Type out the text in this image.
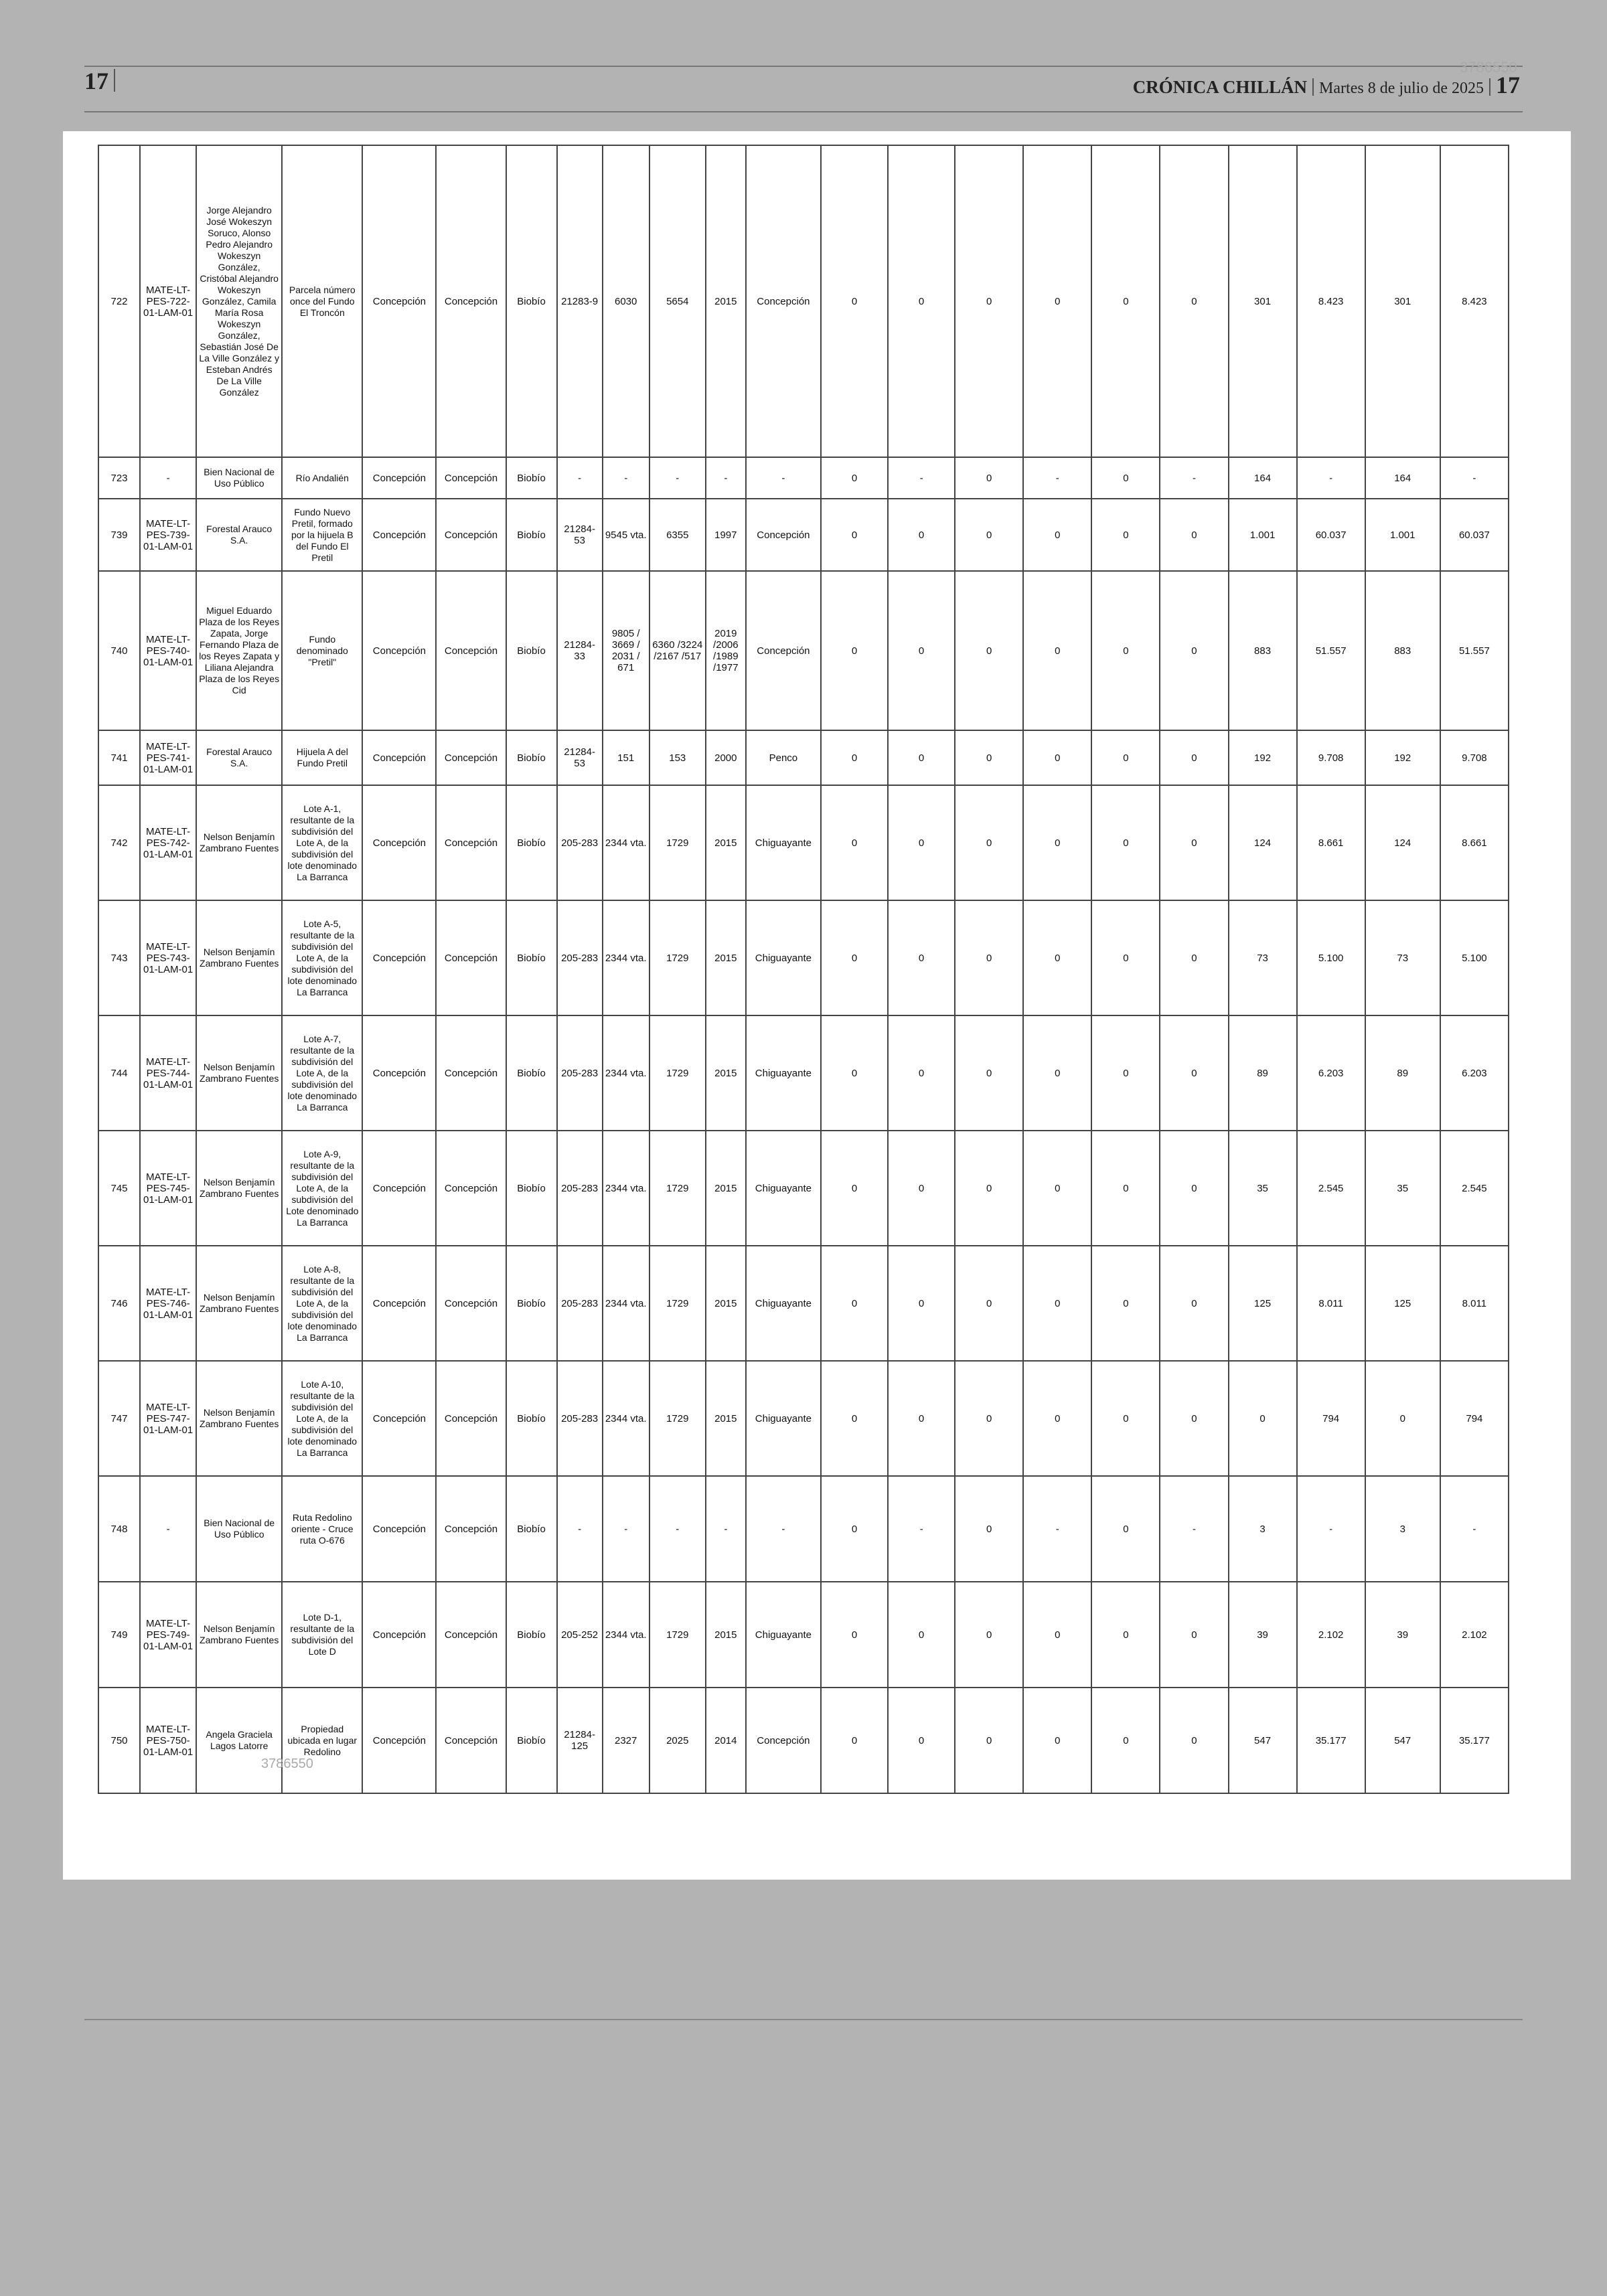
17	CRÓNICA CHILLÁN Martes 8 de julio de 2025 17
3786550
722	MATE-LT-PES-722-01-LAM-01	Jorge Alejandro José Wokeszyn Soruco, Alonso Pedro Alejandro Wokeszyn González, Cristóbal Alejandro Wokeszyn González, Camila María Rosa Wokeszyn González, Sebastián José De La Ville González y Esteban Andrés De La Ville González	Parcela número once del Fundo El Troncón	Concepción	Concepción	Biobío	21283-9	6030	5654	2015	Concepción	0	0	0	0	0	0	301	8.423	301	8.423
723	-	Bien Nacional de Uso Público	Río Andalién	Concepción	Concepción	Biobío	-	-	-	-	-	0	-	0	-	0	-	164	-	164	-
739	MATE-LT-PES-739-01-LAM-01	Forestal Arauco S.A.	Fundo Nuevo Pretil, formado por la hijuela B del Fundo El Pretil	Concepción	Concepción	Biobío	21284-53	9545 vta.	6355	1997	Concepción	0	0	0	0	0	0	1.001	60.037	1.001	60.037
740	MATE-LT-PES-740-01-LAM-01	Miguel Eduardo Plaza de los Reyes Zapata, Jorge Fernando Plaza de los Reyes Zapata y Liliana Alejandra Plaza de los Reyes Cid	Fundo denominado "Pretil"	Concepción	Concepción	Biobío	21284-33	9805 / 3669 / 2031 / 671	6360 /3224 /2167 /517	2019 /2006 /1989 /1977	Concepción	0	0	0	0	0	0	883	51.557	883	51.557
741	MATE-LT-PES-741-01-LAM-01	Forestal Arauco S.A.	Hijuela A del Fundo Pretil	Concepción	Concepción	Biobío	21284-53	151	153	2000	Penco	0	0	0	0	0	0	192	9.708	192	9.708
742	MATE-LT-PES-742-01-LAM-01	Nelson Benjamín Zambrano Fuentes	Lote A-1, resultante de la subdivisión del Lote A, de la subdivisión del lote denominado La Barranca	Concepción	Concepción	Biobío	205-283	2344 vta.	1729	2015	Chiguayante	0	0	0	0	0	0	124	8.661	124	8.661
743	MATE-LT-PES-743-01-LAM-01	Nelson Benjamín Zambrano Fuentes	Lote A-5, resultante de la subdivisión del Lote A, de la subdivisión del lote denominado La Barranca	Concepción	Concepción	Biobío	205-283	2344 vta.	1729	2015	Chiguayante	0	0	0	0	0	0	73	5.100	73	5.100
744	MATE-LT-PES-744-01-LAM-01	Nelson Benjamín Zambrano Fuentes	Lote A-7, resultante de la subdivisión del Lote A, de la subdivisión del lote denominado La Barranca	Concepción	Concepción	Biobío	205-283	2344 vta.	1729	2015	Chiguayante	0	0	0	0	0	0	89	6.203	89	6.203
745	MATE-LT-PES-745-01-LAM-01	Nelson Benjamín Zambrano Fuentes	Lote A-9, resultante de la subdivisión del Lote A, de la subdivisión del Lote denominado La Barranca	Concepción	Concepción	Biobío	205-283	2344 vta.	1729	2015	Chiguayante	0	0	0	0	0	0	35	2.545	35	2.545
746	MATE-LT-PES-746-01-LAM-01	Nelson Benjamín Zambrano Fuentes	Lote A-8, resultante de la subdivisión del Lote A, de la subdivisión del lote denominado La Barranca	Concepción	Concepción	Biobío	205-283	2344 vta.	1729	2015	Chiguayante	0	0	0	0	0	0	125	8.011	125	8.011
747	MATE-LT-PES-747-01-LAM-01	Nelson Benjamín Zambrano Fuentes	Lote A-10, resultante de la subdivisión del Lote A, de la subdivisión del lote denominado La Barranca	Concepción	Concepción	Biobío	205-283	2344 vta.	1729	2015	Chiguayante	0	0	0	0	0	0	0	794	0	794
748	-	Bien Nacional de Uso Público	Ruta Redolino oriente - Cruce ruta O-676	Concepción	Concepción	Biobío	-	-	-	-	-	0	-	0	-	0	-	3	-	3	-
749	MATE-LT-PES-749-01-LAM-01	Nelson Benjamín Zambrano Fuentes	Lote D-1, resultante de la subdivisión del Lote D	Concepción	Concepción	Biobío	205-252	2344 vta.	1729	2015	Chiguayante	0	0	0	0	0	0	39	2.102	39	2.102
750	MATE-LT-PES-750-01-LAM-01	Angela Graciela Lagos Latorre	Propiedad ubicada en lugar Redolino	Concepción	Concepción	Biobío	21284-125	2327	2025	2014	Concepción	0	0	0	0	0	0	547	35.177	547	35.177
3786550
